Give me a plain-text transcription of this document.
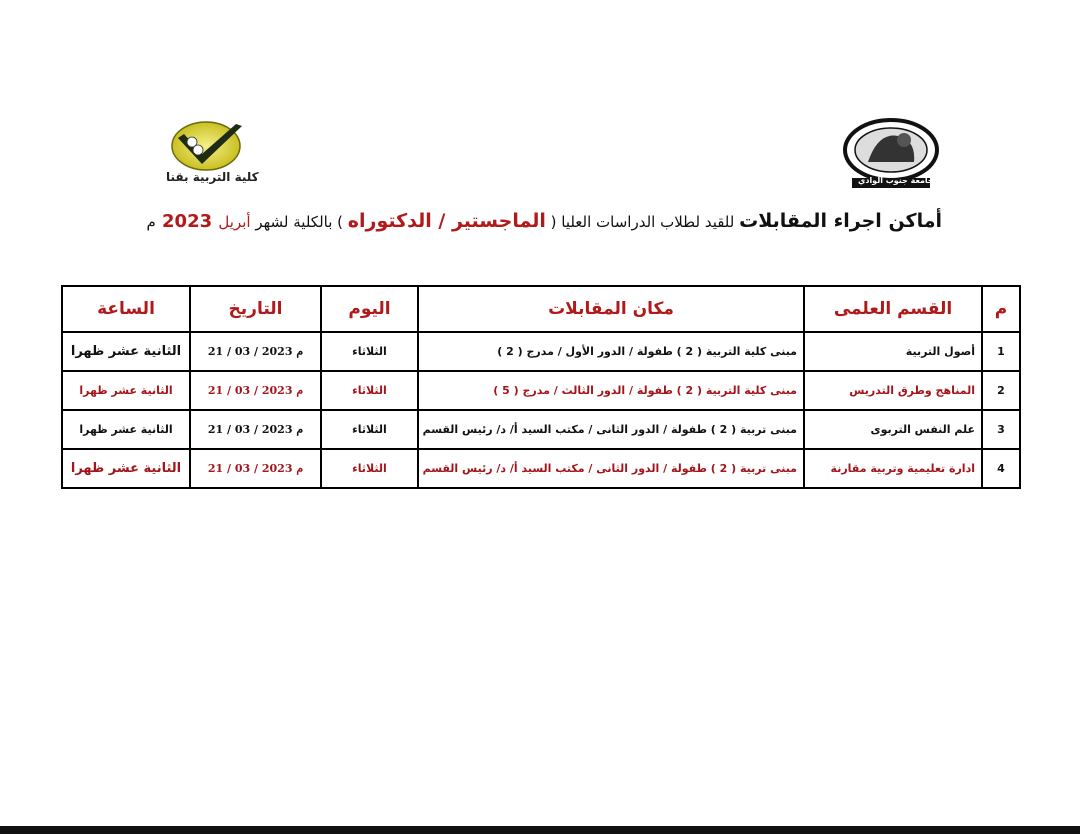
كلية التربية بقنا	جامعة جنوب الوادي
أماكن اجراء المقابلات للقيد لطلاب الدراسات العليا ( الماجستير / الدكتوراه ) بالكلية لشهر أبريل 2023 م
م	القسم العلمى	مكان المقابلات	اليوم	التاريخ	الساعة
1	أصول التربية	مبنى كلية التربية ( 2 ) طفولة / الدور الأول / مدرج ( 2 )	الثلاثاء	م 2023 / 03 / 21	الثانية عشر ظهرا
2	المناهج وطرق التدريس	مبنى كلية التربية ( 2 ) طفولة / الدور الثالث / مدرج ( 5 )	الثلاثاء	م 2023 / 03 / 21	الثانية عشر ظهرا
3	علم النفس التربوى	مبنى تربية ( 2 ) طفولة / الدور الثانى / مكتب السيد أ/ د/ رئيس القسم	الثلاثاء	م 2023 / 03 / 21	الثانية عشر ظهرا
4	ادارة تعليمية وتربية مقارنة	مبنى تربية ( 2 ) طفولة / الدور الثانى / مكتب السيد أ/ د/ رئيس القسم	الثلاثاء	م 2023 / 03 / 21	الثانية عشر ظهرا
